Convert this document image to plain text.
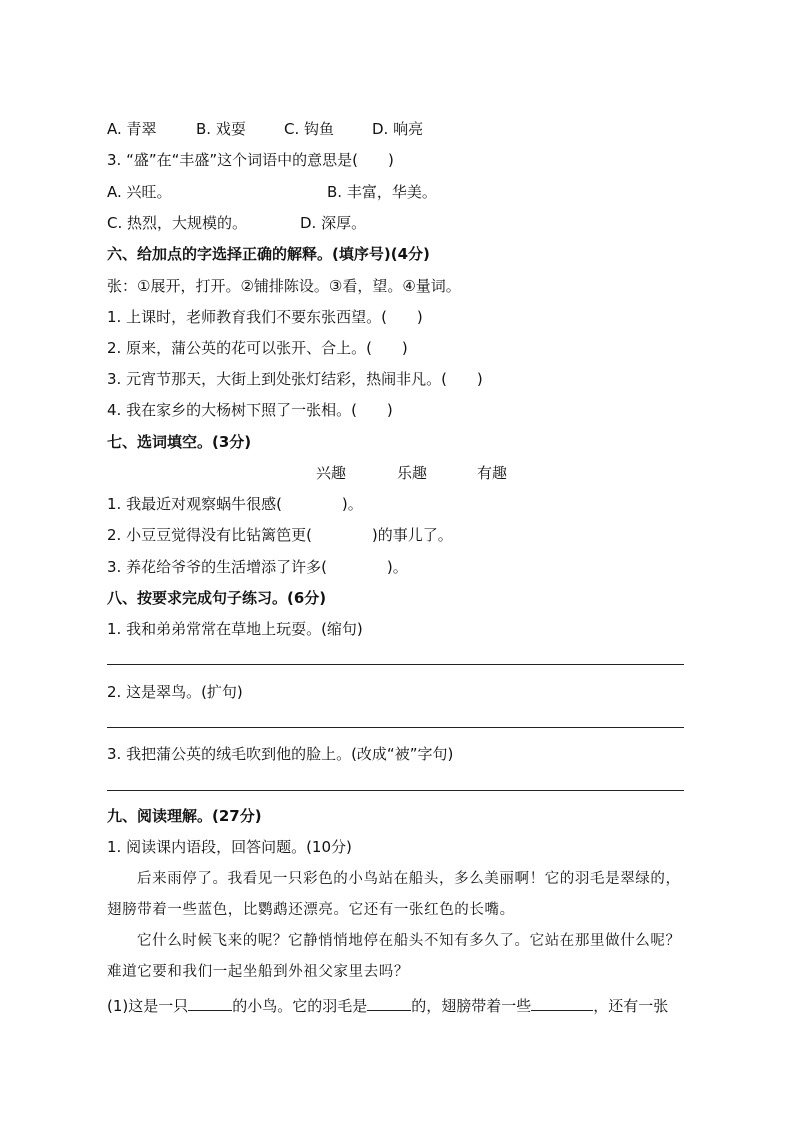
A. 青翠	B. 戏耍	C. 钩鱼	D. 响亮
3. “盛”在“丰盛”这个词语中的意思是(　　)
A. 兴旺。	B. 丰富，华美。
C. 热烈，大规模的。	D. 深厚。
六、给加点的字选择正确的解释。(填序号)(4分)
张：①展开，打开。②铺排陈设。③看，望。④量词。
1. 上课时，老师教育我们不要东张西望。(　　)
2. 原来，蒲公英的花可以张开、合上。(　　)
3. 元宵节那天，大街上到处张灯结彩，热闹非凡。(　　)
4. 我在家乡的大杨树下照了一张相。(　　)
七、选词填空。(3分)
兴趣	乐趣	有趣
1. 我最近对观察蜗牛很感(　　　　)。
2. 小豆豆觉得没有比钻篱笆更(　　　　)的事儿了。
3. 养花给爷爷的生活增添了许多(　　　　)。
八、按要求完成句子练习。(6分)
1. 我和弟弟常常在草地上玩耍。(缩句)
2. 这是翠鸟。(扩句)
3. 我把蒲公英的绒毛吹到他的脸上。(改成“被”字句)
九、阅读理解。(27分)
1. 阅读课内语段，回答问题。(10分)
后来雨停了。我看见一只彩色的小鸟站在船头，多么美丽啊！它的羽毛是翠绿的，翅膀带着一些蓝色，比鹦鹉还漂亮。它还有一张红色的长嘴。
它什么时候飞来的呢？它静悄悄地停在船头不知有多久了。它站在那里做什么呢？难道它要和我们一起坐船到外祖父家里去吗？
(1)这是一只	的小鸟。它的羽毛是	的，翅膀带着一些	，还有一张
